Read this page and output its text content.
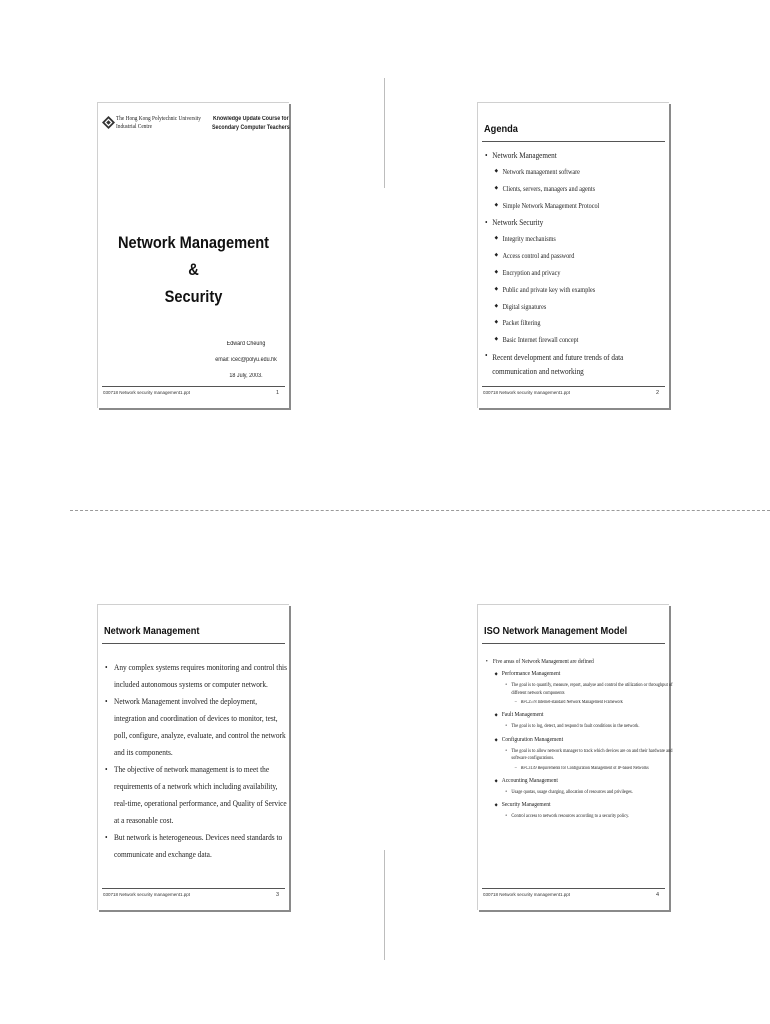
The Hong Kong Polytechnic University
Industrial Centre
Knowledge Update Course for
Secondary Computer Teachers
Network Management &
Security
Edward Cheung
email: icec@polyu.edu.hk
18 July, 2003.
030718 Network security management1.ppt	1
Agenda
• Network Management
◆ Network management software
◆ Clients, servers, managers and agents
◆ Simple Network Management Protocol
• Network Security
◆ Integrity mechanisms
◆ Access control and password
◆ Encryption and privacy
◆ Public and private key with examples
◆ Digital signatures
◆ Packet filtering
◆ Basic Internet firewall concept
• Recent development and future trends of data communication and networking
030718 Network security management1.ppt	2
Network Management
• Any complex systems requires monitoring and control this included autonomous systems or computer network.
• Network Management involved the deployment, integration and coordination of devices to monitor, test, poll, configure, analyze, evaluate, and control the network and its components.
• The objective of network management is to meet the requirements of a network which including availability, real-time, operational performance, and Quality of Service at a reasonable cost.
• But network is heterogeneous. Devices need standards to communicate and exchange data.
030718 Network security management1.ppt	3
ISO Network Management Model
• Five areas of Network Management are defined
◆ Performance Management
• The goal is to quantify, measure, report, analyse and control the utilization or throughput of different network components
– RFC2578 Internet-standard Network Management Framework
◆ Fault Management
• The goal is to log, detect, and respond to fault conditions in the network.
◆ Configuration Management
• The goal is to allow network manager to track which devices are on and their hardware and software configurations.
– RFC3139 Requirements for Configuration Management of IP-based Networks
◆ Accounting Management
• Usage quotas, usage charging, allocation of resources and privileges.
◆ Security Management
• Control access to network resources according to a security policy.
030718 Network security management1.ppt	4
